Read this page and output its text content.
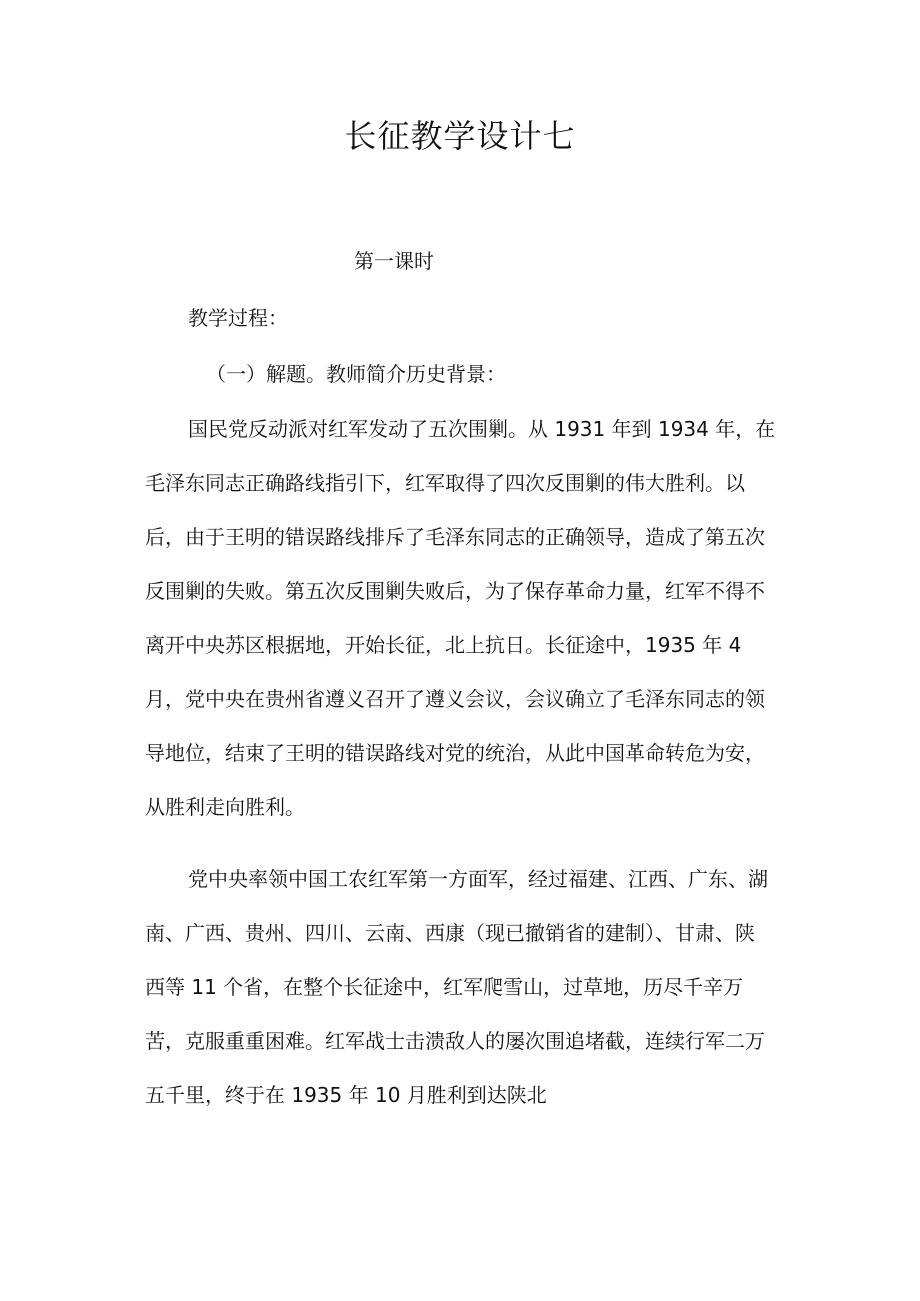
长征教学设计七
第一课时
教学过程：
（一）解题。教师简介历史背景：
国民党反动派对红军发动了五次围剿。从 1931 年到 1934 年，在
毛泽东同志正确路线指引下，红军取得了四次反围剿的伟大胜利。以
后，由于王明的错误路线排斥了毛泽东同志的正确领导，造成了第五次
反围剿的失败。第五次反围剿失败后，为了保存革命力量，红军不得不
离开中央苏区根据地，开始长征，北上抗日。长征途中，1935 年 4
月，党中央在贵州省遵义召开了遵义会议，会议确立了毛泽东同志的领
导地位，结束了王明的错误路线对党的统治，从此中国革命转危为安，
从胜利走向胜利。
党中央率领中国工农红军第一方面军，经过福建、江西、广东、湖
南、广西、贵州、四川、云南、西康（现已撤销省的建制）、甘肃、陕
西等 11 个省，在整个长征途中，红军爬雪山，过草地，历尽千辛万
苦，克服重重困难。红军战士击溃敌人的屡次围追堵截，连续行军二万
五千里，终于在 1935 年 10 月胜利到达陕北
